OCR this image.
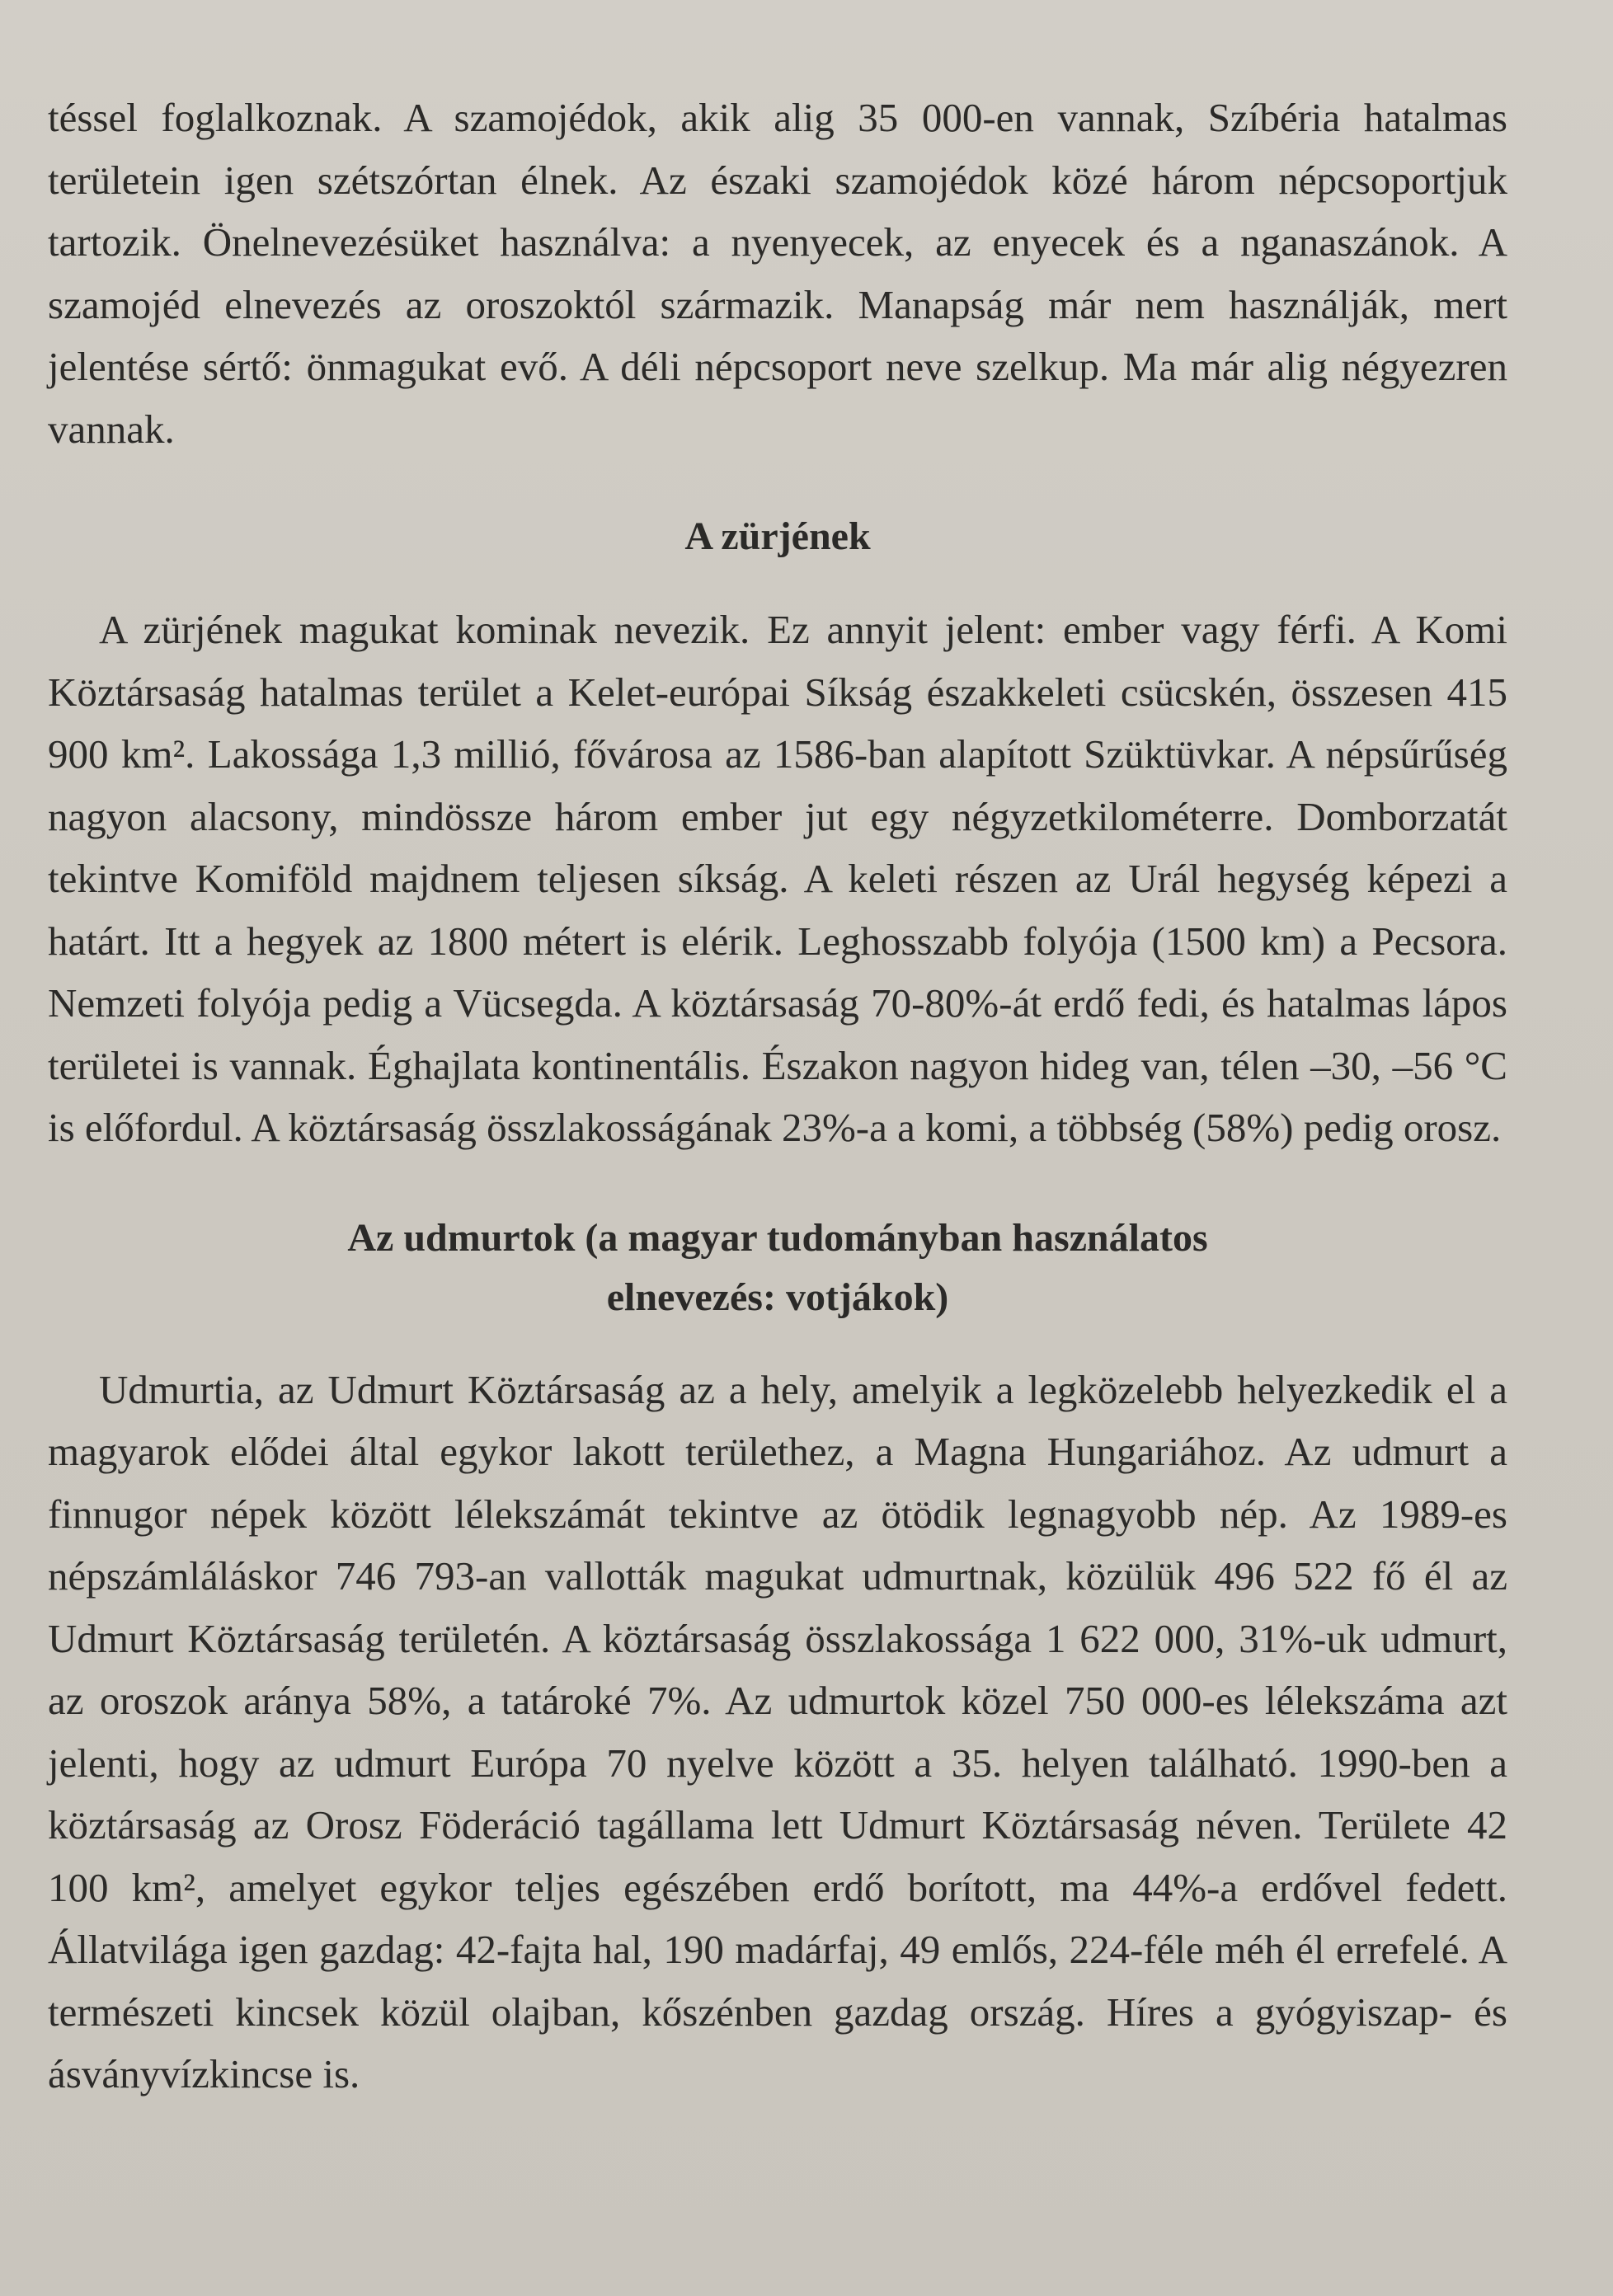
téssel foglalkoznak. A szamojédok, akik alig 35 000-en vannak, Szíbéria hatalmas területein igen szétszórtan élnek. Az északi szamojédok közé három népcsoportjuk tartozik. Önelnevezésüket használva: a nyenyecek, az enyecek és a nganaszánok. A szamojéd elnevezés az oroszoktól származik. Manapság már nem használják, mert jelentése sértő: önmagukat evő. A déli népcsoport neve szelkup. Ma már alig négyezren vannak.

A zürjének

A zürjének magukat kominak nevezik. Ez annyit jelent: ember vagy férfi. A Komi Köztársaság hatalmas terület a Kelet-európai Síkság északkeleti csücskén, összesen 415 900 km². Lakossága 1,3 millió, fővárosa az 1586-ban alapított Szüktüvkar. A népsűrűség nagyon alacsony, mindössze három ember jut egy négyzetkilométerre. Domborzatát tekintve Komiföld majdnem teljesen síkság. A keleti részen az Urál hegység képezi a határt. Itt a hegyek az 1800 métert is elérik. Leghosszabb folyója (1500 km) a Pecsora. Nemzeti folyója pedig a Vücsegda. A köztársaság 70-80%-át erdő fedi, és hatalmas lápos területei is vannak. Éghajlata kontinentális. Északon nagyon hideg van, télen –30, –56 °C is előfordul. A köztársaság összlakosságának 23%-a a komi, a többség (58%) pedig orosz.

Az udmurtok (a magyar tudományban használatos
elnevezés: votjákok)

Udmurtia, az Udmurt Köztársaság az a hely, amelyik a legközelebb helyezkedik el a magyarok elődei által egykor lakott területhez, a Magna Hungariához. Az udmurt a finnugor népek között lélekszámát tekintve az ötödik legnagyobb nép. Az 1989-es népszámláláskor 746 793-an vallották magukat udmurtnak, közülük 496 522 fő él az Udmurt Köztársaság területén. A köztársaság összlakossága 1 622 000, 31%-uk udmurt, az oroszok aránya 58%, a tatároké 7%. Az udmurtok közel 750 000-es lélekszáma azt jelenti, hogy az udmurt Európa 70 nyelve között a 35. helyen található. 1990-ben a köztársaság az Orosz Föderáció tagállama lett Udmurt Köztársaság néven. Területe 42 100 km², amelyet egykor teljes egészében erdő borított, ma 44%-a erdővel fedett. Állatvilága igen gazdag: 42-fajta hal, 190 madárfaj, 49 emlős, 224-féle méh él errefelé. A természeti kincsek közül olajban, kőszénben gazdag ország. Híres a gyógyiszap- és ásványvízkincse is.
